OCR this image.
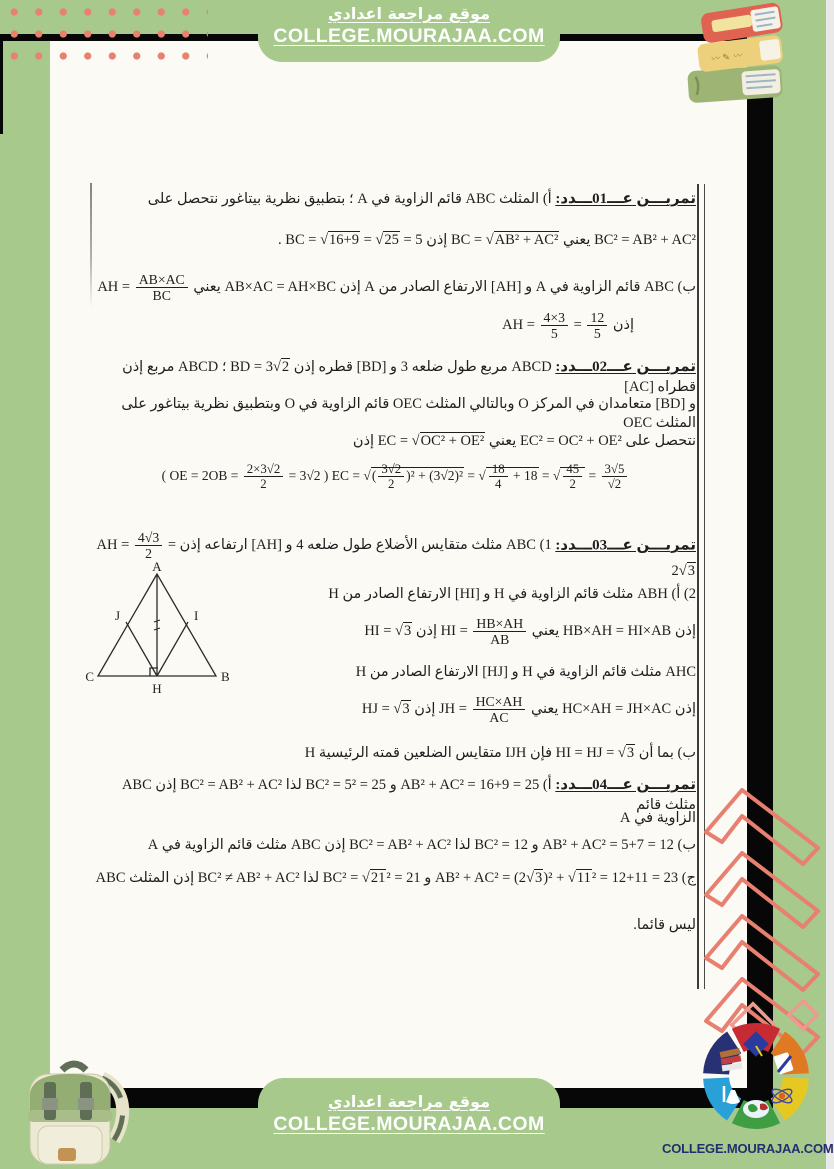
موقع مراجعة اعدادي
COLLEGE.MOURAJAA.COM
〰︎ ✎ 〰︎
تمريـــن عـــ01ـــدد: أ) المثلث ⁦ABC⁩ قائم الزاوية في ⁦A⁩ ؛ بتطبيق نظرية بيتاغور نتحصل على
⁦BC² = AB² + AC²⁩ يعني ⁦BC = √AB² + AC²⁩ إذن ⁦BC = √16+9 = √25 = 5⁩ .
ب) ⁦ABC⁩ قائم الزاوية في ⁦A⁩ و ⁦[AH]⁩ الارتفاع الصادر من ⁦A⁩ إذن ⁦AB×AC = AH×BC⁩ يعني ⁦AH =
$\frac{AB\times AC}{BC}$
إذن ⁦AH =
$\frac{4\times 3}{5} = \frac{12}{5}$
تمريـــن عـــ02ـــدد: ⁦ABCD⁩ مربع طول ضلعه 3 و ⁦[BD]⁩ قطره إذن ⁦BD = 3√2⁩ ؛ ⁦ABCD⁩ مربع إذن قطراه ⁦[AC]⁩
و ⁦[BD]⁩ متعامدان في المركز ⁦O⁩ وبالتالي المثلث ⁦OEC⁩ قائم الزاوية في ⁦O⁩ وبتطبيق نظرية بيتاغور على المثلث ⁦OEC⁩
نتحصل على ⁦EC² = OC² + OE²⁩ يعني ⁦EC = √OC² + OE²⁩ إذن
⁦EC = √( $\frac{3√2}{2} )^2 + (3√2)^2$ = √ $\frac{18}{4} + 18$ = √ $\frac{45}{2} = \frac{3√5}{√2}$
⁩ ⁦( OE = 2OB =
$\frac{2\times 3√2}{2} = 3√2$ )⁩
تمريـــن عـــ03ـــدد: 1) ⁦ABC⁩ مثلث متقايس الأضلاع طول ضلعه 4 و ⁦[AH]⁩ ارتفاعه إذن ⁦AH =
$\frac{4√3}{2} = 2√3$
2) أ) ⁦ABH⁩ مثلث قائم الزاوية في ⁦H⁩ و ⁦[HI]⁩ الارتفاع الصادر من ⁦H⁩
إذن ⁦HB×AH = HI×AB⁩ يعني ⁦HI =
$\frac{HB\times AH}{AB}$
⁩ إذن ⁦HI = √3
⁦AHC⁩ مثلث قائم الزاوية في ⁦H⁩ و ⁦[HJ]⁩ الارتفاع الصادر من ⁦H⁩
إذن ⁦HC×AH = JH×AC⁩ يعني ⁦JH =
$\frac{HC\times AH}{AC}$
⁩ إذن ⁦HJ = √3
ب) بما أن ⁦HI = HJ = √3⁩ فإن ⁦IJH⁩ متقايس الضلعين قمته الرئيسية ⁦H⁩
A
B
C
H
I
J
تمريـــن عـــ04ـــدد: أ) ⁦AB² + AC² = 16+9 = 25⁩ و ⁦BC² = 5² = 25⁩ لذا ⁦BC² = AB² + AC²⁩ إذن ⁦ABC⁩ مثلث قائم
الزاوية في ⁦A⁩
ب) ⁦AB² + AC² = 5+7 = 12⁩ و ⁦BC² = 12⁩ لذا ⁦BC² = AB² + AC²⁩ إذن ⁦ABC⁩ مثلث قائم الزاوية في ⁦A⁩
ج) ⁦AB² + AC² = (2√3)² + √11² = 12+11 = 23⁩ و ⁦BC² = √21² = 21⁩ لذا ⁦BC² ≠ AB² + AC²⁩ إذن المثلث ⁦ABC⁩
ليس قائما.
موقع مراجعة اعدادي
COLLEGE.MOURAJAA.COM
COLLEGE.MOURAJAA.COM
